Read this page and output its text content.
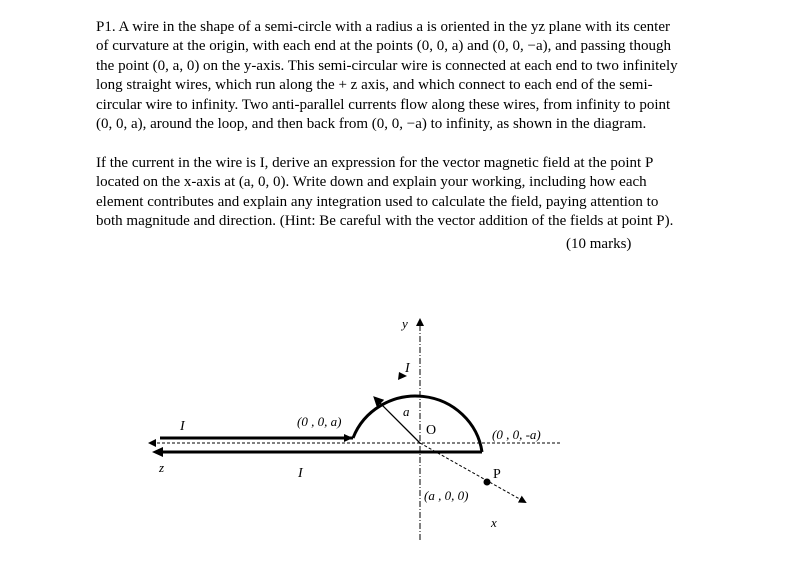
P1. A wire in the shape of a semi-circle with a radius a is oriented in the yz plane with its center
of curvature at the origin, with each end at the points (0, 0, a) and (0, 0, −a), and passing though
the point (0, a, 0) on the y-axis. This semi-circular wire is connected at each end to two infinitely
long straight wires, which run along the + z axis, and which connect to each end of the semi-
circular wire to infinity. Two anti-parallel currents flow along these wires, from infinity to point
(0, 0, a), around the loop, and then back from (0, 0, −a) to infinity, as shown in the diagram.
If the current in the wire is I, derive an expression for the vector magnetic field at the point P
located on the x-axis at (a, 0, 0). Write down and explain your working, including how each
element contributes and explain any integration used to calculate the field, paying attention to
both magnitude and direction. (Hint: Be careful with the vector addition of the fields at point P).
(10 marks)
y
z
x
O
a
I
I
I
(0 , 0, a)
(0 , 0, -a)
P
(a , 0, 0)
